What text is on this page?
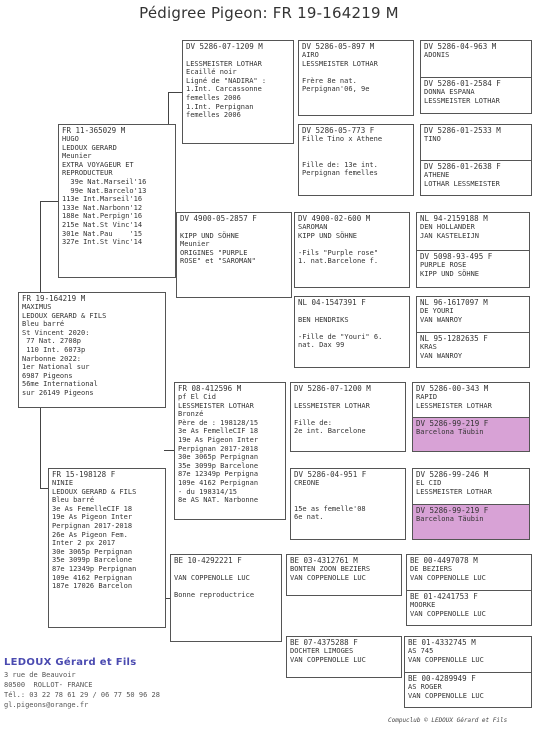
Pédigree Pigeon: FR 19-164219 M
FR 19-164219 M
MAXIMUS
LEDOUX GERARD & FILS
Bleu barré
St Vincent 2020:
77 Nat. 2708p
110 Int. 6073p
Narbonne 2022:
1er National sur
6987 Pigeons
56me International
sur 26149 Pigeons
FR 11-365029 M
HUGO
LEDOUX GERARD
Meunier
EXTRA VOYAGEUR ET
REPRODUCTEUR
39e Nat.Marseil'16
99e Nat.Barcelo'13
113e Int.Marseil'16
133e Nat.Narbonn'12
188e Nat.Perpign'16
215e Nat.St Vinc'14
301e Nat.Pau    '15
327e Int.St Vinc'14
FR 15-198128 F
NINIE
LEDOUX GERARD & FILS
Bleu barré
3e As FemelleCIF 18
19e As Pigeon Inter
Perpignan 2017-2018
26e As Pigeon Fem.
Inter 2 px 2017
30e 3065p Perpignan
35e 3099p Barcelone
87e 12349p Perpignan
109e 4162 Perpignan
187e 17026 Barcelon
DV 5286-07-1209 M

LESSMEISTER LOTHAR
Ecaillé noir
Ligné de "NADIRA" :
1.Int. Carcassonne
femelles 2006
1.Int. Perpignan
femelles 2006
DV 4900-05-2857 F

KIPP UND SÖHNE
Meunier
ORIGINES "PURPLE
ROSE" et "SAROMAN"
FR 08-412596 M
pf El Cid
LESSMEISTER LOTHAR
Bronzé
Père de : 198128/15
3e As FemelleCIF 18
19e As Pigeon Inter
Perpignan 2017-2018
30e 3065p Perpignan
35e 3099p Barcelone
87e 12349p Perpigna
109e 4162 Perpignan
- du 198314/15
8e AS NAT. Narbonne
BE 10-4292221 F

VAN COPPENOLLE LUC

Bonne reproductrice
DV 5286-05-897 M
AIRO
LESSMEISTER LOTHAR

Frère 8e nat.
Perpignan'06, 9e
DV 5286-05-773 F
Fille Tino x Athene

Fille de: 13e int.
Perpignan femelles
DV 4900-02-600 M
SAROMAN
KIPP UND SÖHNE

-Fils "Purple rose"
1. nat.Barcelone f.
NL 04-1547391 F

BEN HENDRIKS

-Fille de "Youri" 6.
nat. Dax 99
DV 5286-07-1200 M

LESSMEISTER LOTHAR

Fille de:
2e int. Barcelone
DV 5286-04-951 F
CREONE

15e as femelle'08
6e nat.
BE 03-4312761 M
BONTEN ZOON BEZIERS
VAN COPPENOLLE LUC
BE 07-4375288 F
DOCHTER LIMOGES
VAN COPPENOLLE LUC
DV 5286-04-963 M
ADONIS
DV 5286-01-2584 F
DONNA ESPANA
LESSMEISTER LOTHAR
DV 5286-01-2533 M
TINO
DV 5286-01-2638 F
ATHENE
LOTHAR LESSMEISTER
NL 94-2159188 M
DEN HOLLANDER
JAN KASTELEIJN
DV 5098-93-495 F
PURPLE ROSE
KIPP UND SÖHNE
NL 96-1617097 M
DE YOURI
VAN WANROY
NL 95-1282635 F
KRAS
VAN WANROY
DV 5286-00-343 M
RAPID
LESSMEISTER LOTHAR
DV 5286-99-219 F
Barcelona Täubin
DV 5286-99-246 M
EL CID
LESSMEISTER LOTHAR
DV 5286-99-219 F
Barcelona Täubin
BE 00-4497078 M
DE BEZIERS
VAN COPPENOLLE LUC
BE 01-4241753 F
MOORKE
VAN COPPENOLLE LUC
BE 01-4332745 M
AS 745
VAN COPPENOLLE LUC
BE 00-4289949 F
AS ROGER
VAN COPPENOLLE LUC
LEDOUX Gérard et Fils
3 rue de Beauvoir
80500  ROLLOT- FRANCE
Tél.: 03 22 78 61 29 / 06 77 50 96 28
gl.pigeons@orange.fr
Compuclub © LEDOUX Gérard et Fils
